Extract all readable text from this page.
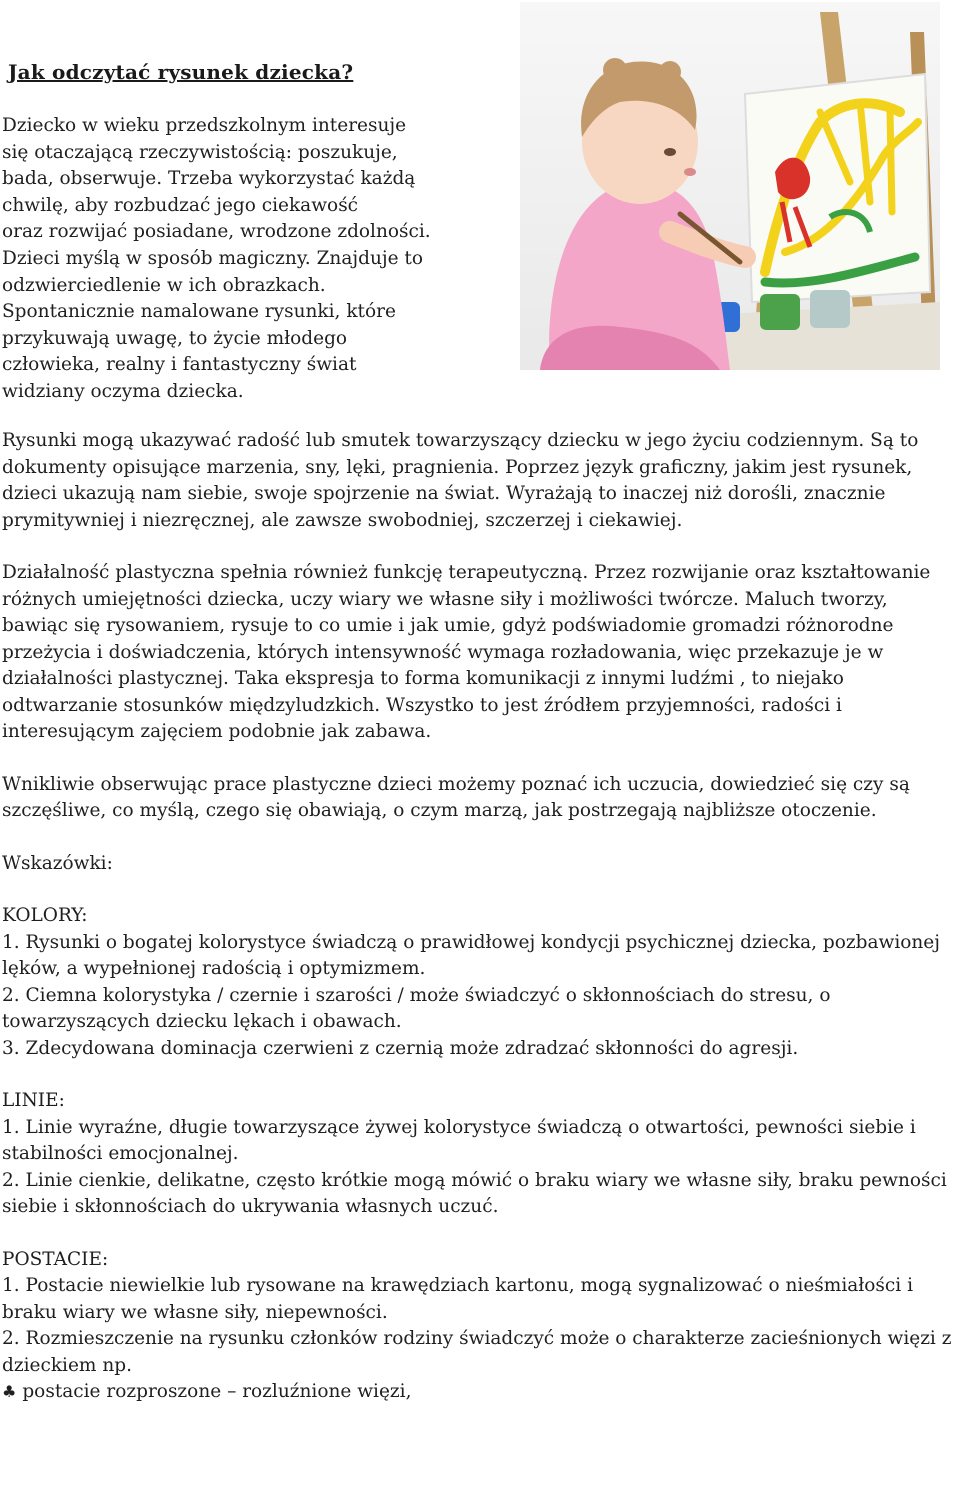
Jak odczytać rysunek dziecka?

Dziecko w wieku przedszkolnym interesuje

się otaczającą rzeczywistością: poszukuje,

bada, obserwuje. Trzeba wykorzystać każdą

chwilę, aby rozbudzać jego ciekawość

oraz rozwijać posiadane, wrodzone zdolności.

Dzieci myślą w sposób magiczny. Znajduje to

odzwierciedlenie w ich obrazkach.

Spontanicznie namalowane rysunki, które

przykuwają uwagę, to życie młodego

człowieka, realny i fantastyczny świat

widziany oczyma dziecka.

Rysunki mogą ukazywać radość lub smutek towarzyszący dziecku w jego życiu codziennym. Są to dokumenty opisujące marzenia, sny, lęki, pragnienia. Poprzez język graficzny, jakim jest rysunek, dzieci ukazują nam siebie, swoje spojrzenie na świat. Wyrażają to inaczej niż dorośli, znacznie prymitywniej i niezręcznej, ale zawsze swobodniej, szczerzej i ciekawiej.

Działalność plastyczna spełnia również funkcję terapeutyczną. Przez rozwijanie oraz kształtowanie różnych umiejętności dziecka, uczy wiary we własne siły i możliwości twórcze. Maluch tworzy, bawiąc się rysowaniem, rysuje to co umie i jak umie, gdyż podświadomie gromadzi różnorodne przeżycia i doświadczenia, których intensywność wymaga rozładowania, więc przekazuje je w działalności plastycznej. Taka ekspresja to forma komunikacji z innymi ludźmi , to niejako odtwarzanie stosunków międzyludzkich. Wszystko to jest źródłem przyjemności, radości i interesującym zajęciem podobnie jak zabawa.

Wnikliwie obserwując prace plastyczne dzieci możemy poznać ich uczucia, dowiedzieć się czy są szczęśliwe, co myślą, czego się obawiają, o czym marzą, jak postrzegają najbliższe otoczenie.

Wskazówki:

KOLORY:
1. Rysunki o bogatej kolorystyce świadczą o prawidłowej kondycji psychicznej dziecka, pozbawionej lęków, a wypełnionej radością i optymizmem.
2. Ciemna kolorystyka / czernie i szarości / może świadczyć o skłonnościach do stresu, o towarzyszących dziecku lękach i obawach.
3. Zdecydowana dominacja czerwieni z czernią może zdradzać skłonności do agresji.
LINIE:
1. Linie wyraźne, długie towarzyszące żywej kolorystyce świadczą o otwartości, pewności siebie i stabilności emocjonalnej.
2. Linie cienkie, delikatne, często krótkie mogą mówić o braku wiary we własne siły, braku pewności siebie i skłonnościach do ukrywania własnych uczuć.
POSTACIE:
1. Postacie niewielkie lub rysowane na krawędziach kartonu, mogą sygnalizować o nieśmiałości i braku wiary we własne siły, niepewności.
2. Rozmieszczenie na rysunku członków rodziny świadczyć może o charakterze zacieśnionych więzi z dzieckiem np.
♣ postacie rozproszone – rozluźnione więzi,
